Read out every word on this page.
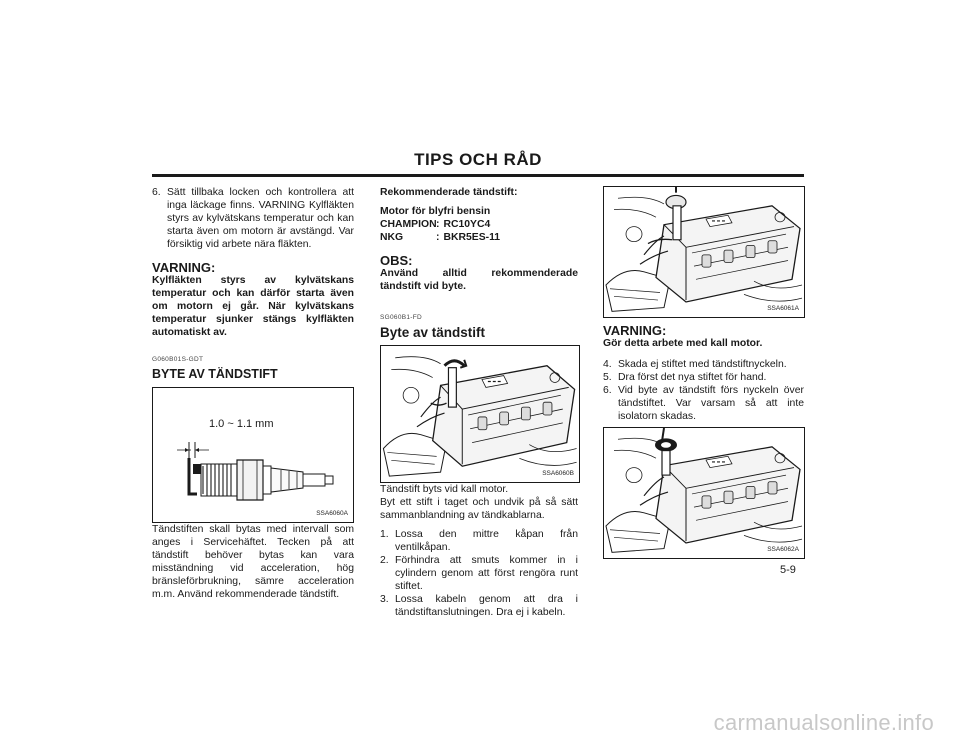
TIPS OCH RÅD
6. Sätt tillbaka locken och kontrollera att inga läckage finns. VARNING Kylfläkten styrs av kylvätskans temperatur och kan starta även om motorn är avstängd. Var försiktig vid arbete nära fläkten.
VARNING:

Kylfläkten styrs av kylvätskans temperatur och kan därför starta även om motorn ej går. När kylvätskans temperatur sjunker stängs kylfläkten automatiskt av.

G060B01S-GDT
BYTE AV TÄNDSTIFT
1.0 ~ 1.1 mm
SSA6060A

Tändstiften skall bytas med intervall som anges i Servicehäftet. Tecken på att tändstift behöver bytas kan vara misständning vid acceleration, hög bränsleförbrukning, sämre acceleration m.m. Använd rekommenderade tändstift.

Rekommenderade tändstift:
Motor för blyfri bensin
CHAMPION : RC10YC4
NKG	: BKR5ES-11
OBS:

Använd alltid rekommenderade tändstift vid byte.

SG060B1-FD
Byte av tändstift
SSA6060B

Tändstift byts vid kall motor.

Byt ett stift i taget och undvik på så sätt sammanblandning av tändkablarna.

1. Lossa den mittre kåpan från ventilkåpan.
2. Förhindra att smuts kommer in i cylindern genom att först rengöra runt stiftet.
3. Lossa kabeln genom att dra i tändstiftanslutningen. Dra ej i kabeln.
SSA6061A
VARNING:

Gör detta arbete med kall motor.

4. Skada ej stiftet med tändstiftnyckeln.
5. Dra först det nya stiftet för hand.
6. Vid byte av tändstift förs nyckeln över tändstiftet. Var varsam så att inte isolatorn skadas.
SSA6062A
5-9
carmanualsonline.info
